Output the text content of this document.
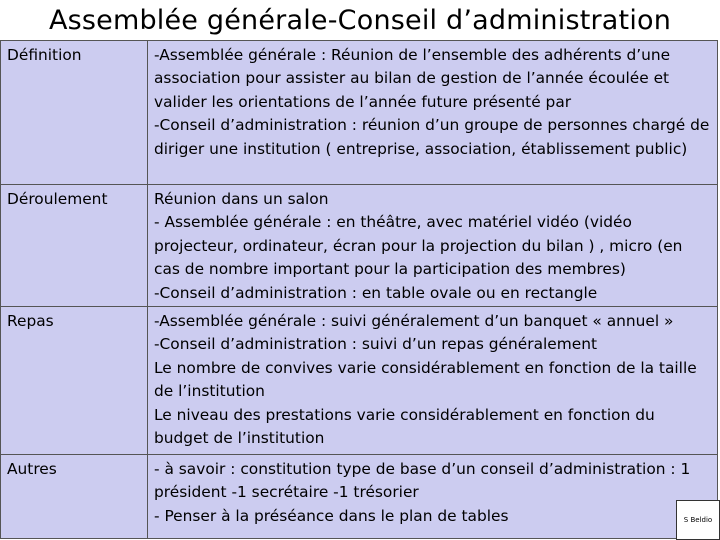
Assemblée générale-Conseil d’administration
Définition	-Assemblée générale : Réunion de l’ensemble des adhérents d’une association pour assister au bilan de gestion de l’année écoulée et valider les orientations de l’année future présenté par
-Conseil d’administration : réunion d’un groupe de personnes chargé de diriger une institution ( entreprise, association, établissement public)

Déroulement	Réunion dans un salon
- Assemblée générale : en théâtre, avec matériel vidéo (vidéo projecteur, ordinateur, écran pour la projection du bilan ) , micro (en cas de nombre important pour la participation des membres)
-Conseil d’administration : en table ovale ou en rectangle

Repas	-Assemblée générale : suivi généralement d’un banquet « annuel »
-Conseil d’administration : suivi d’un repas généralement
Le nombre de convives varie considérablement en fonction de la taille de l’institution
Le niveau des prestations varie considérablement en fonction du budget de l’institution

Autres	- à savoir : constitution type de base d’un conseil d’administration : 1 président -1 secrétaire -1 trésorier
- Penser à la préséance dans le plan de tables	S Beldio
